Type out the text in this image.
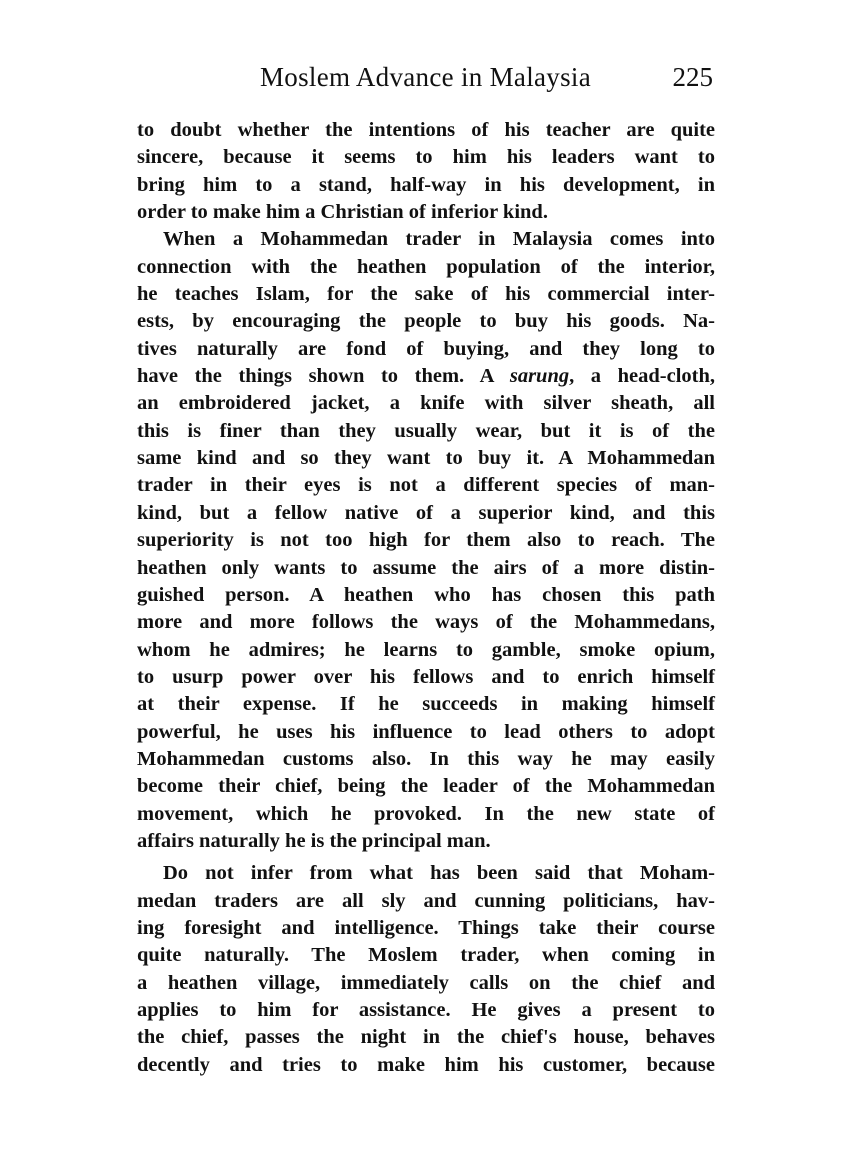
Moslem Advance in Malaysia	225
to doubt whether the intentions of his teacher are quite
sincere, because it seems to him his leaders want to
bring him to a stand, half-way in his development, in
order to make him a Christian of inferior kind.
When a Mohammedan trader in Malaysia comes into
connection with the heathen population of the interior,
he teaches Islam, for the sake of his commercial inter-
ests, by encouraging the people to buy his goods. Na-
tives naturally are fond of buying, and they long to
have the things shown to them. A sarung, a head-cloth,
an embroidered jacket, a knife with silver sheath, all
this is finer than they usually wear, but it is of the
same kind and so they want to buy it. A Mohammedan
trader in their eyes is not a different species of man-
kind, but a fellow native of a superior kind, and this
superiority is not too high for them also to reach. The
heathen only wants to assume the airs of a more distin-
guished person. A heathen who has chosen this path
more and more follows the ways of the Mohammedans,
whom he admires; he learns to gamble, smoke opium,
to usurp power over his fellows and to enrich himself
at their expense. If he succeeds in making himself
powerful, he uses his influence to lead others to adopt
Mohammedan customs also. In this way he may easily
become their chief, being the leader of the Mohammedan
movement, which he provoked. In the new state of
affairs naturally he is the principal man.
Do not infer from what has been said that Moham-
medan traders are all sly and cunning politicians, hav-
ing foresight and intelligence. Things take their course
quite naturally. The Moslem trader, when coming in
a heathen village, immediately calls on the chief and
applies to him for assistance. He gives a present to
the chief, passes the night in the chief's house, behaves
decently and tries to make him his customer, because
